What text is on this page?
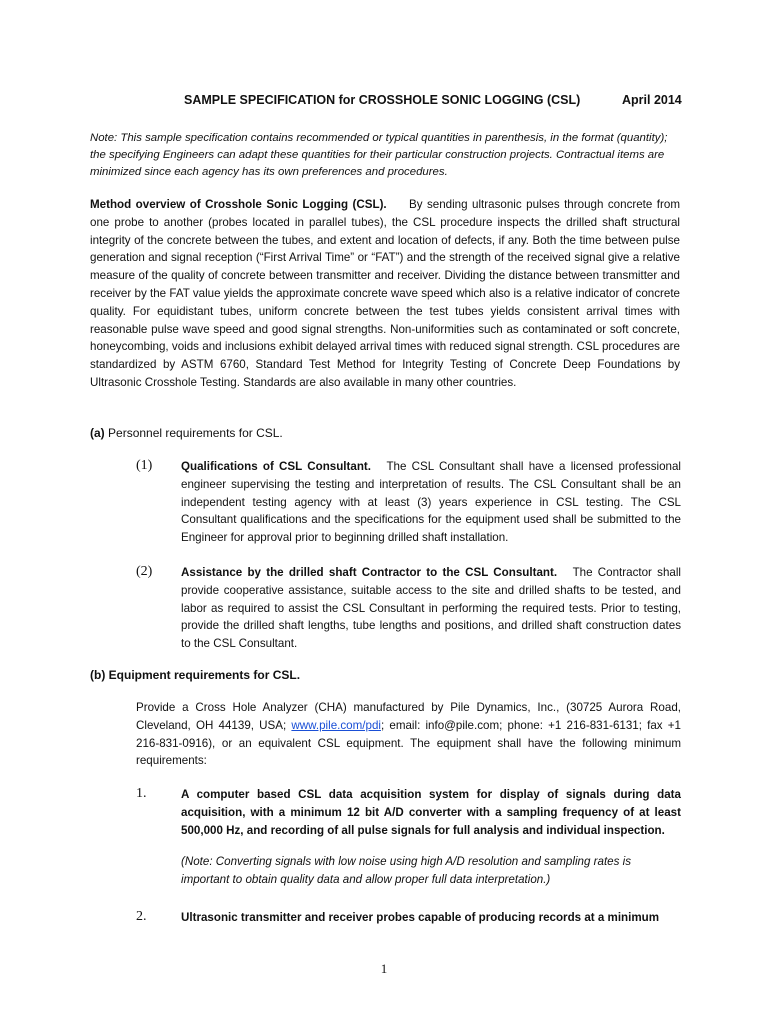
SAMPLE SPECIFICATION for CROSSHOLE SONIC LOGGING (CSL)	April 2014
Note: This sample specification contains recommended or typical quantities in parenthesis, in the format (quantity); the specifying Engineers can adapt these quantities for their particular construction projects. Contractual items are minimized since each agency has its own preferences and procedures.
Method overview of Crosshole Sonic Logging (CSL). By sending ultrasonic pulses through concrete from one probe to another (probes located in parallel tubes), the CSL procedure inspects the drilled shaft structural integrity of the concrete between the tubes, and extent and location of defects, if any. Both the time between pulse generation and signal reception (“First Arrival Time” or “FAT”) and the strength of the received signal give a relative measure of the quality of concrete between transmitter and receiver. Dividing the distance between transmitter and receiver by the FAT value yields the approximate concrete wave speed which also is a relative indicator of concrete quality. For equidistant tubes, uniform concrete between the test tubes yields consistent arrival times with reasonable pulse wave speed and good signal strengths. Non-uniformities such as contaminated or soft concrete, honeycombing, voids and inclusions exhibit delayed arrival times with reduced signal strength. CSL procedures are standardized by ASTM 6760, Standard Test Method for Integrity Testing of Concrete Deep Foundations by Ultrasonic Crosshole Testing. Standards are also available in many other countries.
(a) Personnel requirements for CSL.
(1) Qualifications of CSL Consultant. The CSL Consultant shall have a licensed professional engineer supervising the testing and interpretation of results. The CSL Consultant shall be an independent testing agency with at least (3) years experience in CSL testing. The CSL Consultant qualifications and the specifications for the equipment used shall be submitted to the Engineer for approval prior to beginning drilled shaft installation.
(2) Assistance by the drilled shaft Contractor to the CSL Consultant. The Contractor shall provide cooperative assistance, suitable access to the site and drilled shafts to be tested, and labor as required to assist the CSL Consultant in performing the required tests. Prior to testing, provide the drilled shaft lengths, tube lengths and positions, and drilled shaft construction dates to the CSL Consultant.
(b) Equipment requirements for CSL.
Provide a Cross Hole Analyzer (CHA) manufactured by Pile Dynamics, Inc., (30725 Aurora Road, Cleveland, OH 44139, USA; www.pile.com/pdi; email: info@pile.com; phone: +1 216-831-6131; fax +1 216-831-0916), or an equivalent CSL equipment. The equipment shall have the following minimum requirements:
1.	A computer based CSL data acquisition system for display of signals during data acquisition, with a minimum 12 bit A/D converter with a sampling frequency of at least 500,000 Hz, and recording of all pulse signals for full analysis and individual inspection.
(Note: Converting signals with low noise using high A/D resolution and sampling rates is important to obtain quality data and allow proper full data interpretation.)
2.	Ultrasonic transmitter and receiver probes capable of producing records at a minimum
1
